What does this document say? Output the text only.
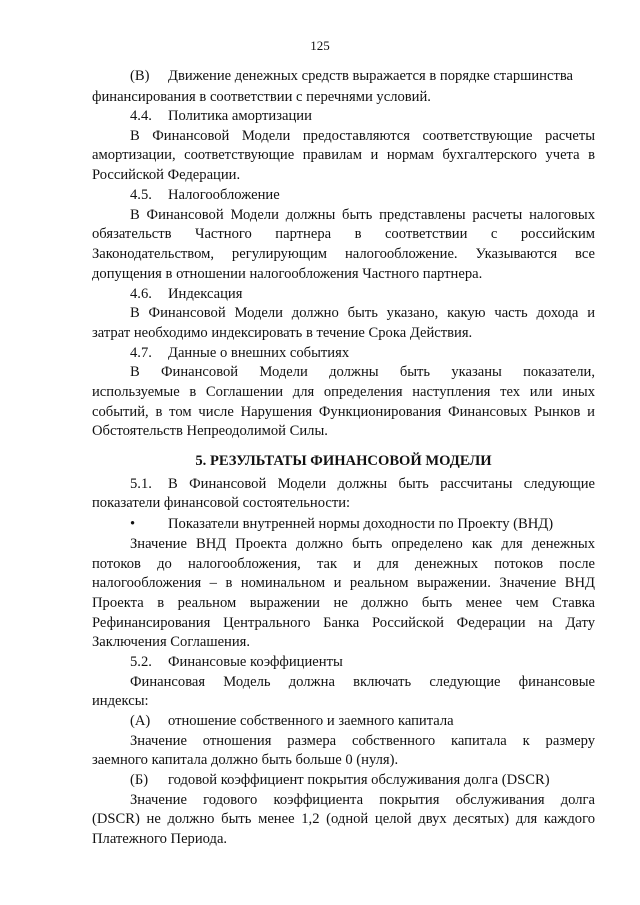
125
(В) Движение денежных средств выражается в порядке старшинства
финансирования в соответствии с перечнями условий.
4.4. Политика амортизации
В Финансовой Модели предоставляются соответствующие расчеты
амортизации, соответствующие правилам и нормам бухгалтерского учета в
Российской Федерации.
4.5. Налогообложение
В Финансовой Модели должны быть представлены расчеты налоговых
обязательств Частного партнера в соответствии с российским
Законодательством, регулирующим налогообложение. Указываются все
допущения в отношении налогообложения Частного партнера.
4.6. Индексация
В Финансовой Модели должно быть указано, какую часть дохода и
затрат необходимо индексировать в течение Срока Действия.
4.7. Данные о внешних событиях
В Финансовой Модели должны быть указаны показатели,
используемые в Соглашении для определения наступления тех или иных
событий, в том числе Нарушения Функционирования Финансовых Рынков и
Обстоятельств Непреодолимой Силы.
5. РЕЗУЛЬТАТЫ ФИНАНСОВОЙ МОДЕЛИ
5.1. В Финансовой Модели должны быть рассчитаны следующие
показатели финансовой состоятельности:
• Показатели внутренней нормы доходности по Проекту (ВНД)
Значение ВНД Проекта должно быть определено как для денежных
потоков до налогообложения, так и для денежных потоков после
налогообложения – в номинальном и реальном выражении. Значение ВНД
Проекта в реальном выражении не должно быть менее чем Ставка
Рефинансирования Центрального Банка Российской Федерации на Дату
Заключения Соглашения.
5.2. Финансовые коэффициенты
Финансовая Модель должна включать следующие финансовые
индексы:
(А) отношение собственного и заемного капитала
Значение отношения размера собственного капитала к размеру
заемного капитала должно быть больше 0 (нуля).
(Б) годовой коэффициент покрытия обслуживания долга (DSCR)
Значение годового коэффициента покрытия обслуживания долга
(DSCR) не должно быть менее 1,2 (одной целой двух десятых) для каждого
Платежного Периода.
